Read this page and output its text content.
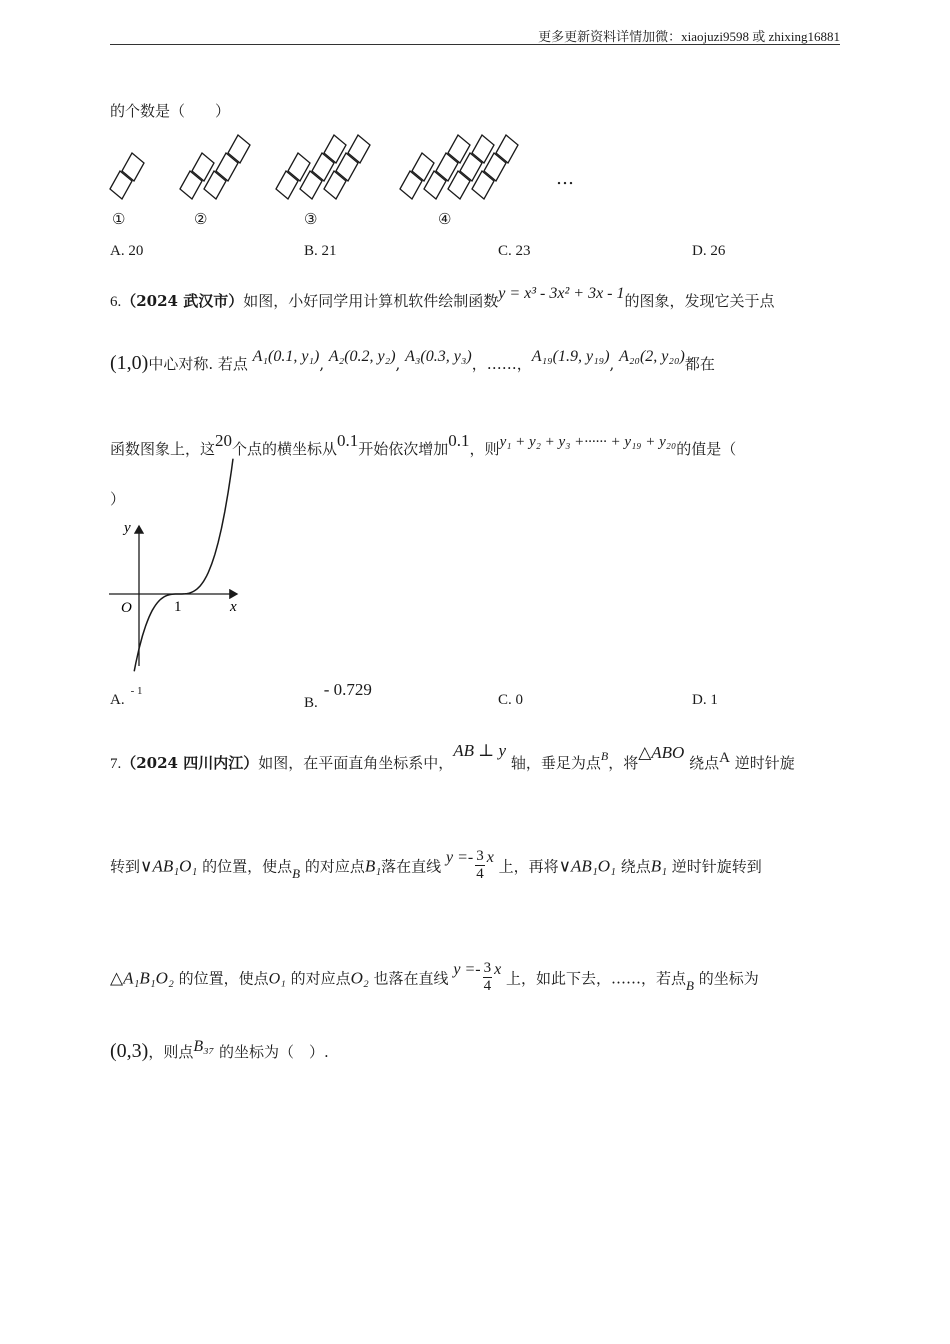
更多更新资料详情加微：xiaojuzi9598 或 zhixing16881
的个数是（　　）
…
①	②	③	④
A. 20	B. 21	C. 23	D. 26
6.（2024 武汉市）如图，小好同学用计算机软件绘制函数y = x³ - 3x² + 3x - 1的图象，发现它关于点
(1,0)中心对称. 若点 A₁(0.1, y₁), A₂(0.2, y₂), A₃(0.3, y₃)，……，A₁₉(1.9, y₁₉), A₂₀(2, y₂₀)都在
函数图象上，这20个点的横坐标从0.1开始依次增加0.1，则y₁ + y₂ + y₃ +······ + y₁₉ + y₂₀的值是（
）
y
x
O	1
A.$^{- 1}$
B.- 0.729
C. 0	D. 1
7.（2024 四川内江）如图，在平面直角坐标系中，AB ⊥ y 轴，垂足为点$^B$，将△ABO 绕点A 逆时针旋
转到∨AB₁O₁ 的位置，使点B 的对应点B₁落在直线 $y =- \frac{3}{4}$ x 上，再将∨AB₁O₁ 绕点B₁ 逆时针旋转到
△A₁B₁O₂ 的位置，使点O₁ 的对应点O₂ 也落在直线 $y =- \frac{3}{4}$ x 上，如此下去，……，若点B 的坐标为
(0,3)，则点B₃₇ 的坐标为（　）.
